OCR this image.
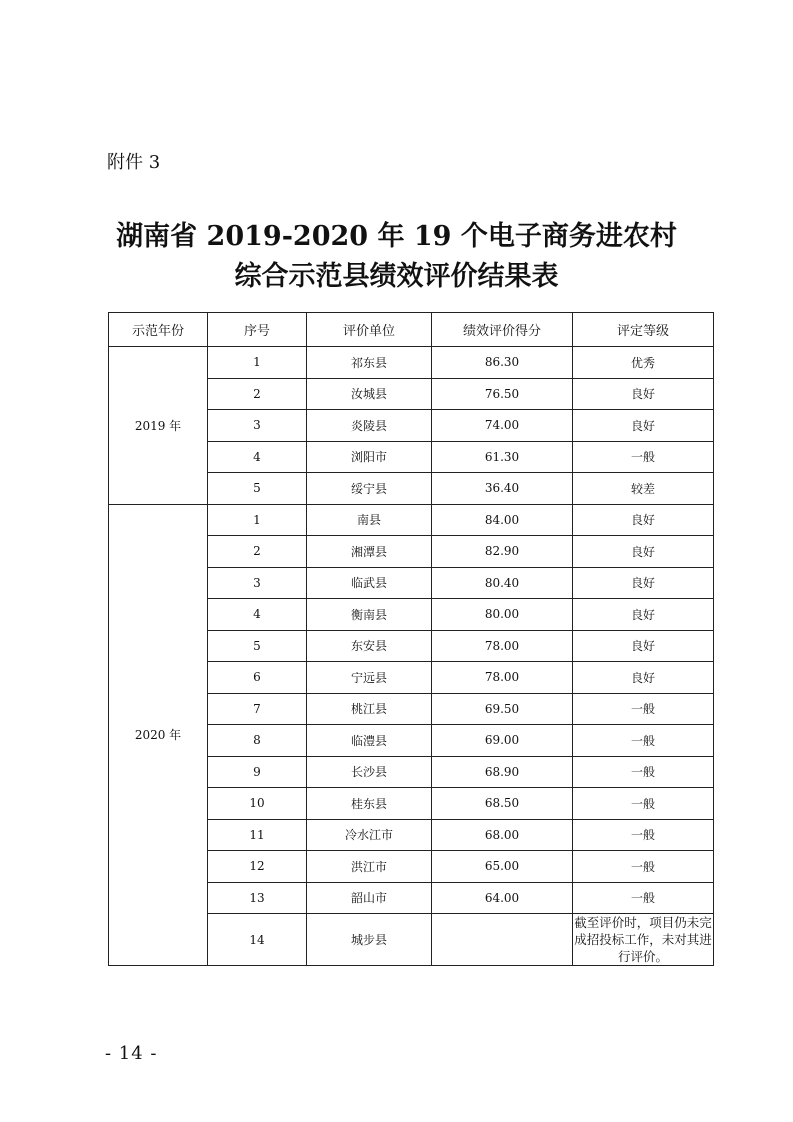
附件 3
湖南省 2019-2020 年 19 个电子商务进农村
综合示范县绩效评价结果表
示范年份	序号	评价单位	绩效评价得分	评定等级
2019 年	1	祁东县	86.30	优秀
	2	汝城县	76.50	良好
	3	炎陵县	74.00	良好
	4	浏阳市	61.30	一般
	5	绥宁县	36.40	较差
2020 年	1	南县	84.00	良好
	2	湘潭县	82.90	良好
	3	临武县	80.40	良好
	4	衡南县	80.00	良好
	5	东安县	78.00	良好
	6	宁远县	78.00	良好
	7	桃江县	69.50	一般
	8	临澧县	69.00	一般
	9	长沙县	68.90	一般
	10	桂东县	68.50	一般
	11	冷水江市	68.00	一般
	12	洪江市	65.00	一般
	13	韶山市	64.00	一般
	14	城步县		截至评价时，项目仍未完成招投标工作，未对其进行评价。
- 14 -
